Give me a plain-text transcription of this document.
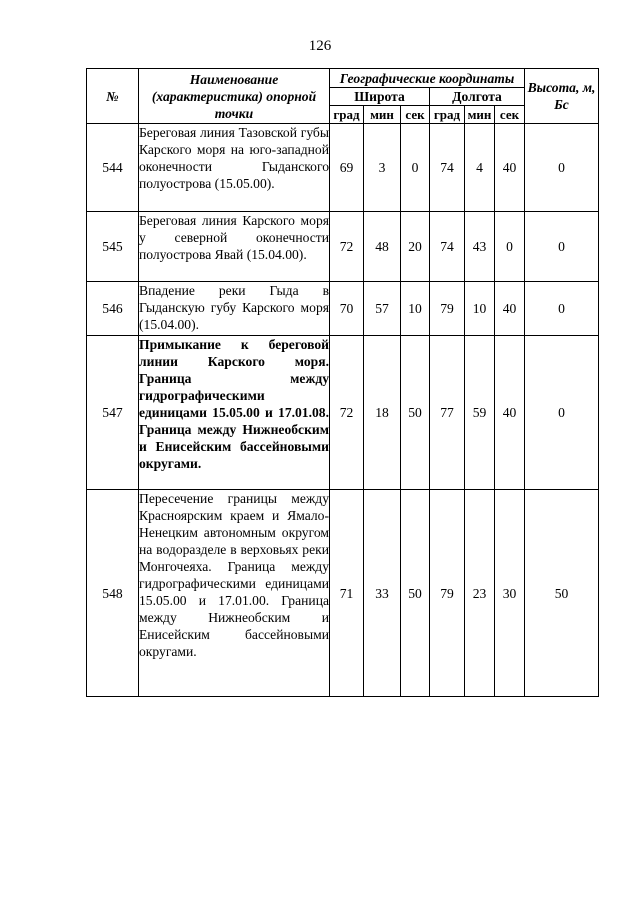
126
№	Наименование (характеристика) опорной точки	Географические координаты						Высота, м, Бс
		Широта			Долгота			
		град	мин	сек	град	мин	сек	
544	Береговая линия Тазовской губы Карского моря на юго-западной оконечности Гыданского полуострова (15.05.00).	69	3	0	74	4	40	0
545	Береговая линия Карского моря у северной оконечности полуострова Явай (15.04.00).	72	48	20	74	43	0	0
546	Впадение реки Гыда в Гыданскую губу Карского моря (15.04.00).	70	57	10	79	10	40	0
547	Примыкание к береговой линии Карского моря. Граница между гидрографическими единицами 15.05.00 и 17.01.08. Граница между Нижнеобским и Енисейским бассейновыми округами.	72	18	50	77	59	40	0
548	Пересечение границы между Красноярским краем и Ямало-Ненецким автономным округом на водоразделе в верховьях реки Монгочеяха. Граница между гидрографическими единицами 15.05.00 и 17.01.00. Граница между Нижнеобским и Енисейским бассейновыми округами.	71	33	50	79	23	30	50
